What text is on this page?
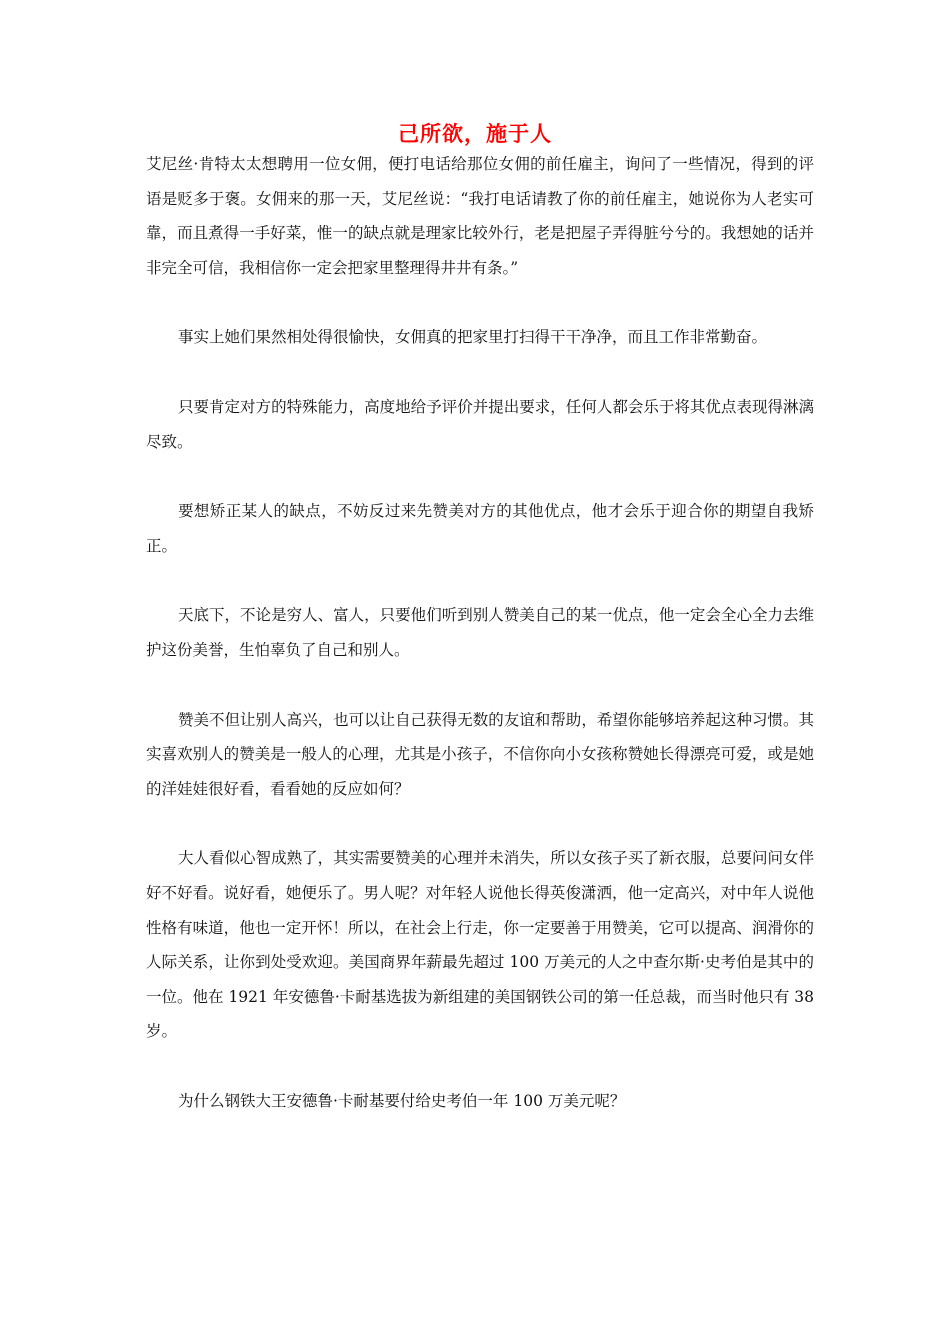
己所欲，施于人

艾尼丝·肯特太太想聘用一位女佣，便打电话给那位女佣的前任雇主，询问了一些情况，得到的评语是贬多于褒。女佣来的那一天，艾尼丝说：“我打电话请教了你的前任雇主，她说你为人老实可靠，而且煮得一手好菜，惟一的缺点就是理家比较外行，老是把屋子弄得脏兮兮的。我想她的话并非完全可信，我相信你一定会把家里整理得井井有条。”

事实上她们果然相处得很愉快，女佣真的把家里打扫得干干净净，而且工作非常勤奋。

只要肯定对方的特殊能力，高度地给予评价并提出要求，任何人都会乐于将其优点表现得淋漓尽致。

要想矫正某人的缺点，不妨反过来先赞美对方的其他优点，他才会乐于迎合你的期望自我矫正。

天底下，不论是穷人、富人，只要他们听到别人赞美自己的某一优点，他一定会全心全力去维护这份美誉，生怕辜负了自己和别人。

赞美不但让别人高兴，也可以让自己获得无数的友谊和帮助，希望你能够培养起这种习惯。其实喜欢别人的赞美是一般人的心理，尤其是小孩子，不信你向小女孩称赞她长得漂亮可爱，或是她的洋娃娃很好看，看看她的反应如何？

大人看似心智成熟了，其实需要赞美的心理并未消失，所以女孩子买了新衣服，总要问问女伴好不好看。说好看，她便乐了。男人呢？对年轻人说他长得英俊潇洒，他一定高兴，对中年人说他性格有味道，他也一定开怀！所以，在社会上行走，你一定要善于用赞美，它可以提高、润滑你的人际关系，让你到处受欢迎。美国商界年薪最先超过 100 万美元的人之中查尔斯·史考伯是其中的一位。他在 1921 年安德鲁·卡耐基选拔为新组建的美国钢铁公司的第一任总裁，而当时他只有 38 岁。

为什么钢铁大王安德鲁·卡耐基要付给史考伯一年 100 万美元呢？
